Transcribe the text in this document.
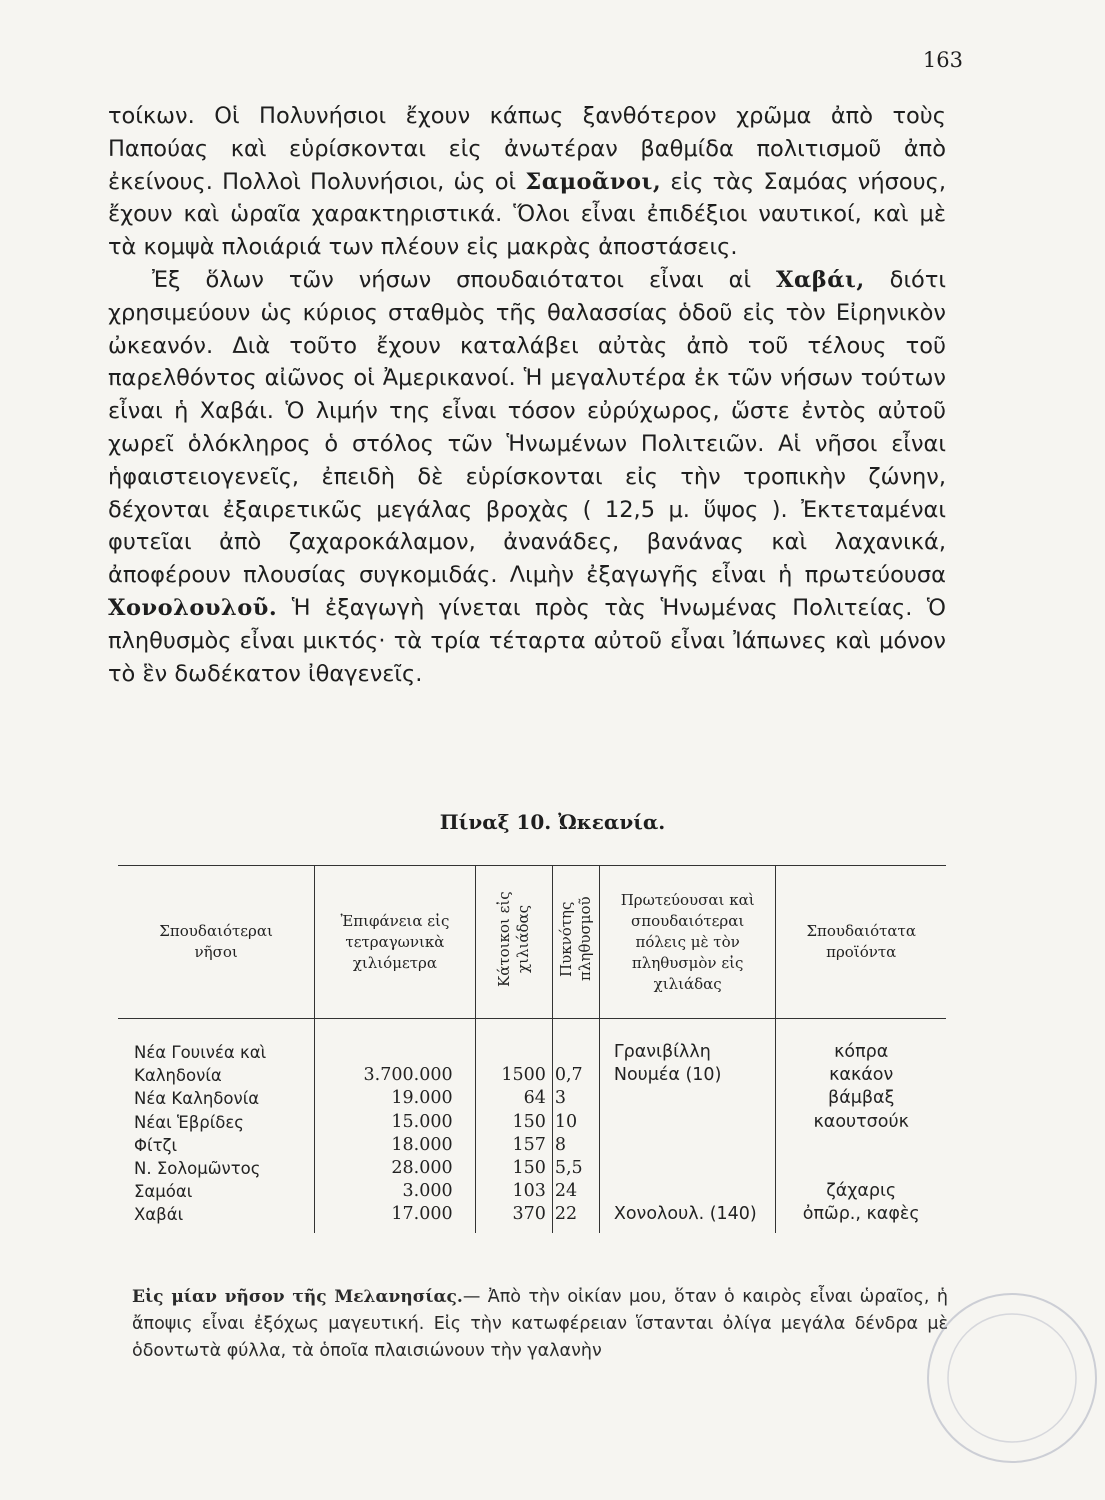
163

τοίκων. Οἱ Πολυνήσιοι ἔχουν κάπως ξανθότερον χρῶμα ἀπὸ τοὺς Παπούας καὶ εὑρίσκονται εἰς ἀνωτέραν βαθμίδα πολιτισμοῦ ἀπὸ ἐκείνους. Πολλοὶ Πολυνήσιοι, ὡς οἱ Σαμοᾶνοι, εἰς τὰς Σαμόας νήσους, ἔχουν καὶ ὡραῖα χαρακτηριστικά. Ὅλοι εἶναι ἐπιδέξιοι ναυτικοί, καὶ μὲ τὰ κομψὰ πλοιάριά των πλέουν εἰς μακρὰς ἀποστάσεις.

Ἐξ ὅλων τῶν νήσων σπουδαιότατοι εἶναι αἱ Χαβάι, διότι χρησιμεύουν ὡς κύριος σταθμὸς τῆς θαλασσίας ὁδοῦ εἰς τὸν Εἰρηνικὸν ὠκεανόν. Διὰ τοῦτο ἔχουν καταλάβει αὐτὰς ἀπὸ τοῦ τέλους τοῦ παρελθόντος αἰῶνος οἱ Ἀμερικανοί. Ἡ μεγαλυτέρα ἐκ τῶν νήσων τούτων εἶναι ἡ Χαβάι. Ὁ λιμήν της εἶναι τόσον εὐρύχωρος, ὥστε ἐντὸς αὐτοῦ χωρεῖ ὁλόκληρος ὁ στόλος τῶν Ἡνωμένων Πολιτειῶν. Αἱ νῆσοι εἶναι ἡφαιστειογενεῖς, ἐπειδὴ δὲ εὑρίσκονται εἰς τὴν τροπικὴν ζώνην, δέχονται ἐξαιρετικῶς μεγάλας βροχὰς ( 12,5 μ. ὕψος ). Ἐκτεταμέναι φυτεῖαι ἀπὸ ζαχαροκάλαμον, ἀνανάδες, βανάνας καὶ λαχανικά, ἀποφέρουν πλουσίας συγκομιδάς. Λιμὴν ἐξαγωγῆς εἶναι ἡ πρωτεύουσα Χονολουλοῦ. Ἡ ἐξαγωγὴ γίνεται πρὸς τὰς Ἡνωμένας Πολιτείας. Ὁ πληθυσμὸς εἶναι μικτός· τὰ τρία τέταρτα αὐτοῦ εἶναι Ἰάπωνες καὶ μόνον τὸ ἓν δωδέκατον ἰθαγενεῖς.

Πίναξ 10. Ὠκεανία.

Σπουδαιότεραι νῆσοι	Ἐπιφάνεια εἰς τετραγωνικὰ χιλιόμετρα	Κάτοικοι εἰς χιλιάδας	Πυκνότης πληθυσμοῦ	Πρωτεύουσαι καὶ σπουδαιότεραι πόλεις μὲ τὸν πληθυσμὸν εἰς χιλιάδας	Σπουδαιότατα προϊόντα

Νέα Γουινέα καὶ				Γρανιβίλλη	κόπρα
Καληδονία	3.700.000	1500	0,7	Νουμέα (10)	κακάον
Νέα Καληδονία	19.000	64	3		βάμβαξ
Νέαι Ἑβρίδες	15.000	150	10		καουτσούκ
Φίτζι	18.000	157	8		
Ν. Σολομῶντος	28.000	150	5,5		
Σαμόαι	3.000	103	24		ζάχαρις
Χαβάι	17.000	370	22	Χονολουλ. (140)	ὀπῶρ., καφὲς

Εἰς μίαν νῆσον τῆς Μελανησίας.— Ἀπὸ τὴν οἰκίαν μου, ὅταν ὁ καιρὸς εἶναι ὡραῖος, ἡ ἄποψις εἶναι ἐξόχως μαγευτική. Εἰς τὴν κατωφέρειαν ἵστανται ὀλίγα μεγάλα δένδρα μὲ ὁδοντωτὰ φύλλα, τὰ ὁποῖα πλαισιώνουν τὴν γαλανὴν
